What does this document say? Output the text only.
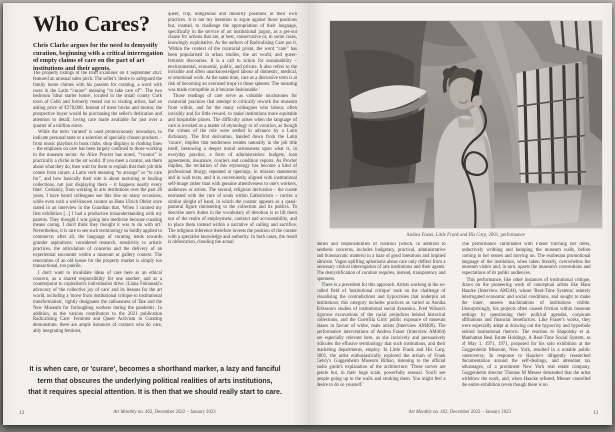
Who Cares?

Chris Clarke argues for the need to demystify curation, beginning with a critical interrogation of empty claims of care on the part of art institutions and their agents.

The property listings of the Irish Examiner on 4 September 2021 featured an unusual sales pitch. The seller's 'desire to safeguard the family home chimes with his passion for curating, a word with roots in the Latin “curare” meaning “to take care of”'. The two bedroom 'ideal starter home', located in the small county Cork town of Cobh and formerly rented out to visiting artists, had an asking price of €270,000. Instead of mere bricks and mortar, the prospective buyer would be purchasing the seller's dedication and attention to detail; loving care made available for just over a quarter of a million euros.

While the term 'curated' is used promiscuously nowadays, to indicate personal taste or a selection of specially chosen products – from music playlists to book clubs, shop displays to clothing lines – the emphasis on care has been largely confined to those working in the museum sector. As Alice Procter has noted, '“curator” is practically a cliché in the art world. If you meet a curator, ask them about what they do, then wait for them to explain that their job title comes from curare, a Latin verb meaning “to arrange” or “to care for”, and how basically their role is about nurturing or healing collections, not just displaying them – it happens nearly every time'. Certainly, from working in arts institutions over the past 20 years, I have heard colleagues use this line on many occasions, while even such a well-known curator as Hans Ulrich Obrist once stated in an interview in the Guardian that, 'When I curated my first exhibition [...] I had a productive misunderstanding with my parents. They thought I was going into medicine because curating means caring. I don't think they thought it was to do with art.' Nevertheless, it is rare to see such terminology so boldly applied to commerce; after all, the language of curating tends towards grander aspirations; considered research, sensitivity to artistic practices, the articulation of concerns and the delivery of an experiential encounter within a museum or gallery context. The renovation of an old house for the property market is simply too transactional, too puerile.

I don't want to invalidate ideas of care here as an ethical concern, as a shared responsibility for one another, and as a counterpoint to capitalism's individualist drive. iLiana Fokianaki's advocacy of 'the collective joy of care' and its lessons for the art world, including a 'move from institutional critique to institutional transformation', rightly designates the callousness of Tate and the New Museum for furloughing workers during the pandemic. In addition, as the various contributors to the 2021 publication Radicalising Care: Feminist and Queer Activism in Curating demonstrate, there are ample instances of curators who do care, ably integrating feminist,

queer, crip, indigenous and minority positions in their own practices. It is not my intention to argue against those positions but, instead, to challenge the appropriation of their language, specifically in the service of art institutional jargon, as a get-out clause for actions that are, at best, conservative or, in some cases, knowingly exploitative. As the authors of Radicalising Care put it, 'Within the context of the curatorial prism, the word “care” has been popularised in urban studies, the art world, and queer-feminist discourses. It is a call to action for sustainability – environmental, economic, public, and private. It also refers to the invisible and often unacknowledged labour of domestic, medical, or emotional work. At the same time, care as a discursive term is at risk of becoming an overused trope in those spheres. The meaning was made corruptible as it became fashionable.'

Those readings of care serve as valuable touchstones for curatorial practices that attempt to critically rework the museum from within, and for the many colleagues who labour, often invisibly and for little reward, to make institutions more equitable and hospitable places. The difficulty arises when the language of care is invoked as a matter of etymology or of vocation, as though the virtues of the role were settled in advance by a Latin dictionary. The first derivation, handed down from the Latin 'curare', implies that tenderness resides naturally in the job title itself, bestowing a deeper moral seriousness upon what is, in everyday practice, a form of administration: budgets, loan agreements, insurance, couriers and condition reports. As Procter implies, the recitation of this etymology has become a kind of professional liturgy, repeated at openings, in mission statements and in wall texts, and it is conveniently aligned with institutional self-image rather than with genuine attentiveness to one's workers, audiences or artists. The second, religious derivation – the curate entrusted with the cure of souls within Catholicism – carries a similar sleight of hand, in which the curator appears as a quasi-pastoral figure ministering to the collection and its publics. To describe one's duties in the vocabulary of devotion is to lift them out of the realm of employment, contract and accountability, and to place them instead within a narrative of calling and sacrifice. The religious inference therefore invests the position of the curator with a specialist knowledge and authority. In both cases, the result is obfuscation, clouding the actual

It is when care, or 'curare', becomes a shorthand marker, a lazy and fanciful
term that obscures the underlying political realities of arts institutions,
that it requires special attention. It is then that we should really start to care.
12	Art Monthly no. 462, December 2022 – January 2023
Andrea Fraser, Little Frank and His Carp, 2001, performance

duties and responsibilities of curation (which, in addition to aesthetic concerns, includes budgetary, practical, administrative and bureaucratic matters) in a haze of good intentions and implied altruism. Vague uplifting aphorisms about care only deflect from a necessary critical interrogation of arts institutions and their agents. The demystification of curation requires, instead, transparency and openness.

There is a precedent for this approach. Artists working in the so-called field of 'institutional critique' took on the challenge of visualising the contradictions and hypocrisies that underpin art institutions; this category includes practices as varied as Annika Eriksson's studies of institutional social dynamics, Fred Wilson's rigorous excavations of the racial prejudices behind historical collections, and the Guerrilla Girls' public exposure of museum biases in favour of white, male artists (Interview AM400). The performative interventions of Andrea Fraser (Interview AM464) are especially relevant here, as she incisively and persuasively ridicules the effusive terminology that such institutions, and their marketing departments, employ. In Little Frank and His Carp, 2001, the artist enthusiastically explored the atrium of Frank Gehry's Guggenheim Museum Bilbao, listening to the official audio guide's explanation of the architecture: 'These curves are gentle but, in their huge scale, powerfully sensual. You'll see people going up to the walls and stroking them. You might feel a desire to do so yourself.'

The performance culminated with Fraser hitching her dress, seductively writhing and humping the museum walls, before coming to her senses and moving on. The exuberant promotional language of the institution, when taken literally, overwhelms the museum visitor and, in turn, upsets the museum's conventions and expectations of its public audiences.

This performance, like other instances of institutional critique, draws on the pioneering work of conceptual artists like Hans Haacke (Interview AM244), whose 'Real-Time Systems' astutely interrogated economic and social conditions, and sought to make the inner, unseen machinations of institutions visible. Unsurprisingly, his projects often caused friction within museum settings by questioning their political agendas, corporate affiliations and financial benefactors. Like Fraser's works, they were especially adept at drawing out the hypocrisy and hyperbole behind institutional rhetoric. The reaction to Shapolsky et al. Manhattan Real Estate Holdings, A Real-Time Social System, as of May 1, 1971, 1971, proposed for his solo exhibition at the Guggenheim Museum, New York, resulted in a notable public controversy. In response to Haacke's diligently researched documentation around the self-dealings, and attendant tax advantages, of a prominent New York real estate company, Guggenheim director Thomas M Messer demanded that the artist withdraw the work, and, when Haacke refused, Messer cancelled the entire exhibition (even though there is no

Art Monthly no. 462, December 2022 – January 2023	13
